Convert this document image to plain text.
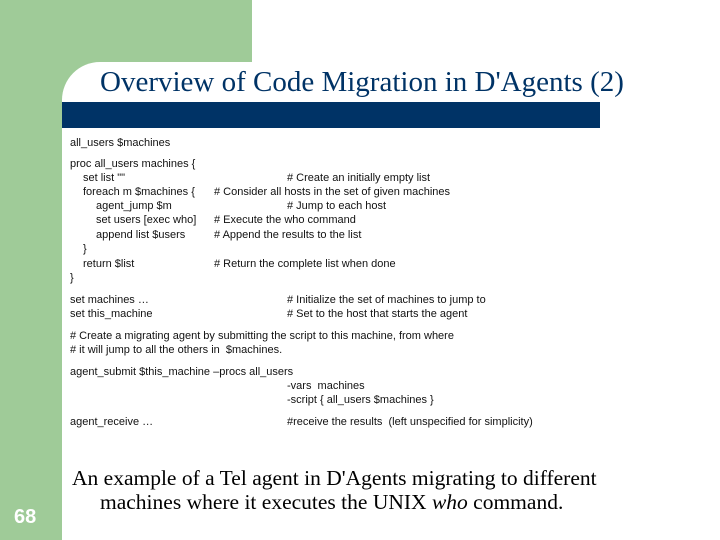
Overview of Code Migration in D'Agents (2)
all_users $machines
proc all_users machines {
set list ""	# Create an initially empty list
foreach m $machines { # Consider all hosts in the set of given machines
agent_jump $m	# Jump to each host
set users [exec who] # Execute the who command
append list $users	# Append the results to the list
}
return $list	# Return the complete list when done
}
set machines …	# Initialize the set of machines to jump to
set this_machine	# Set to the host that starts the agent
# Create a migrating agent by submitting the script to this machine, from where
# it will jump to all the others in  $machines.
agent_submit $this_machine –procs all_users
-vars  machines
-script { all_users $machines }
agent_receive …	#receive the results  (left unspecified for simplicity)
An example of a Tel agent in D'Agents migrating to different
machines where it executes the UNIX who command.
68
